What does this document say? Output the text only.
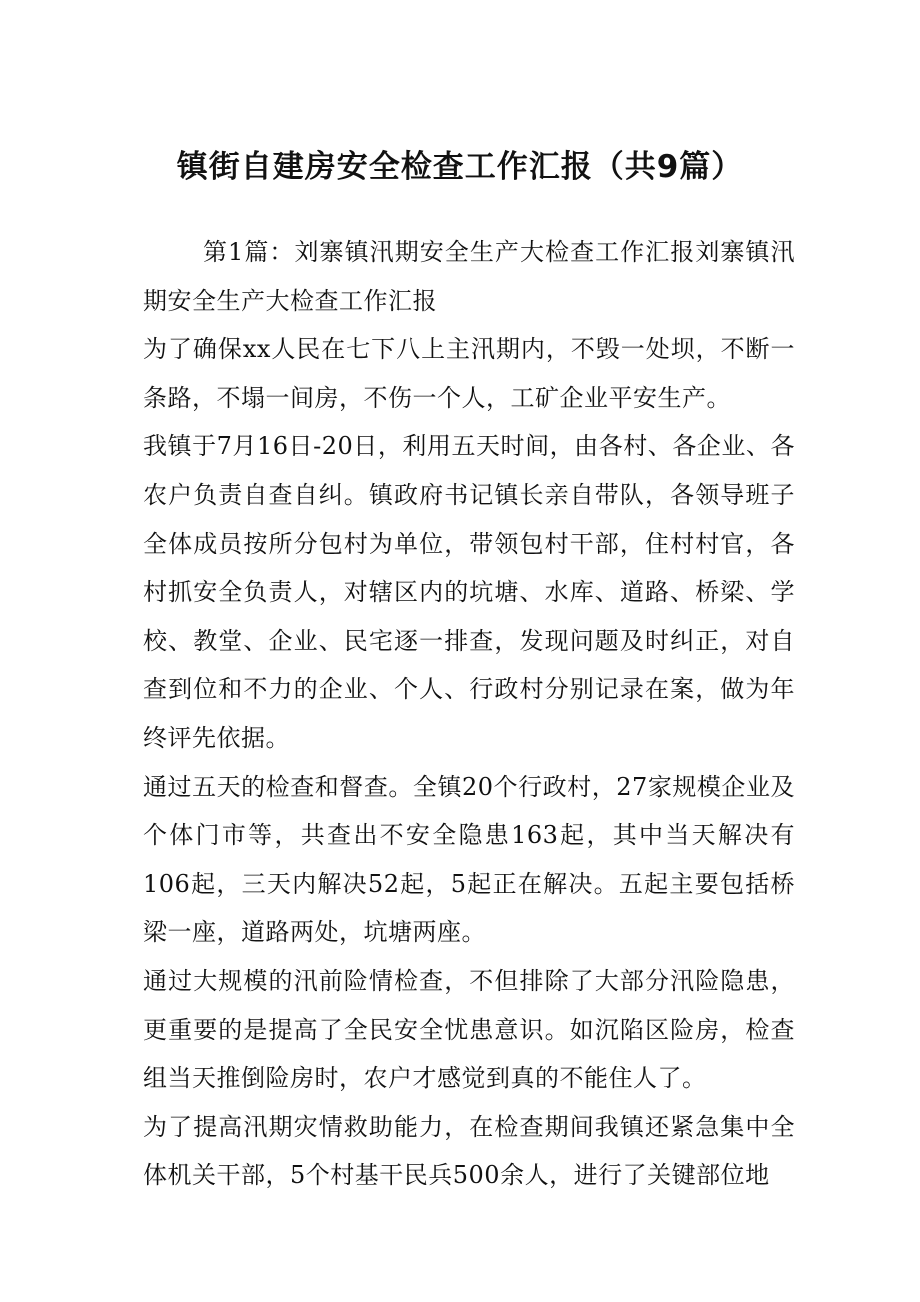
镇街自建房安全检查工作汇报（共9篇）

第1篇：刘寨镇汛期安全生产大检查工作汇报刘寨镇汛期安全生产大检查工作汇报

为了确保xx人民在七下八上主汛期内，不毁一处坝，不断一条路，不塌一间房，不伤一个人，工矿企业平安生产。

我镇于7月16日-20日，利用五天时间，由各村、各企业、各农户负责自查自纠。镇政府书记镇长亲自带队，各领导班子全体成员按所分包村为单位，带领包村干部，住村村官，各村抓安全负责人，对辖区内的坑塘、水库、道路、桥梁、学校、教堂、企业、民宅逐一排查，发现问题及时纠正，对自查到位和不力的企业、个人、行政村分别记录在案，做为年终评先依据。

通过五天的检查和督查。全镇20个行政村，27家规模企业及个体门市等，共查出不安全隐患163起，其中当天解决有106起，三天内解决52起，5起正在解决。五起主要包括桥梁一座，道路两处，坑塘两座。

通过大规模的汛前险情检查，不但排除了大部分汛险隐患，更重要的是提高了全民安全忧患意识。如沉陷区险房，检查组当天推倒险房时，农户才感觉到真的不能住人了。

为了提高汛期灾情救助能力，在检查期间我镇还紧急集中全体机关干部，5个村基干民兵500余人，进行了关键部位地
